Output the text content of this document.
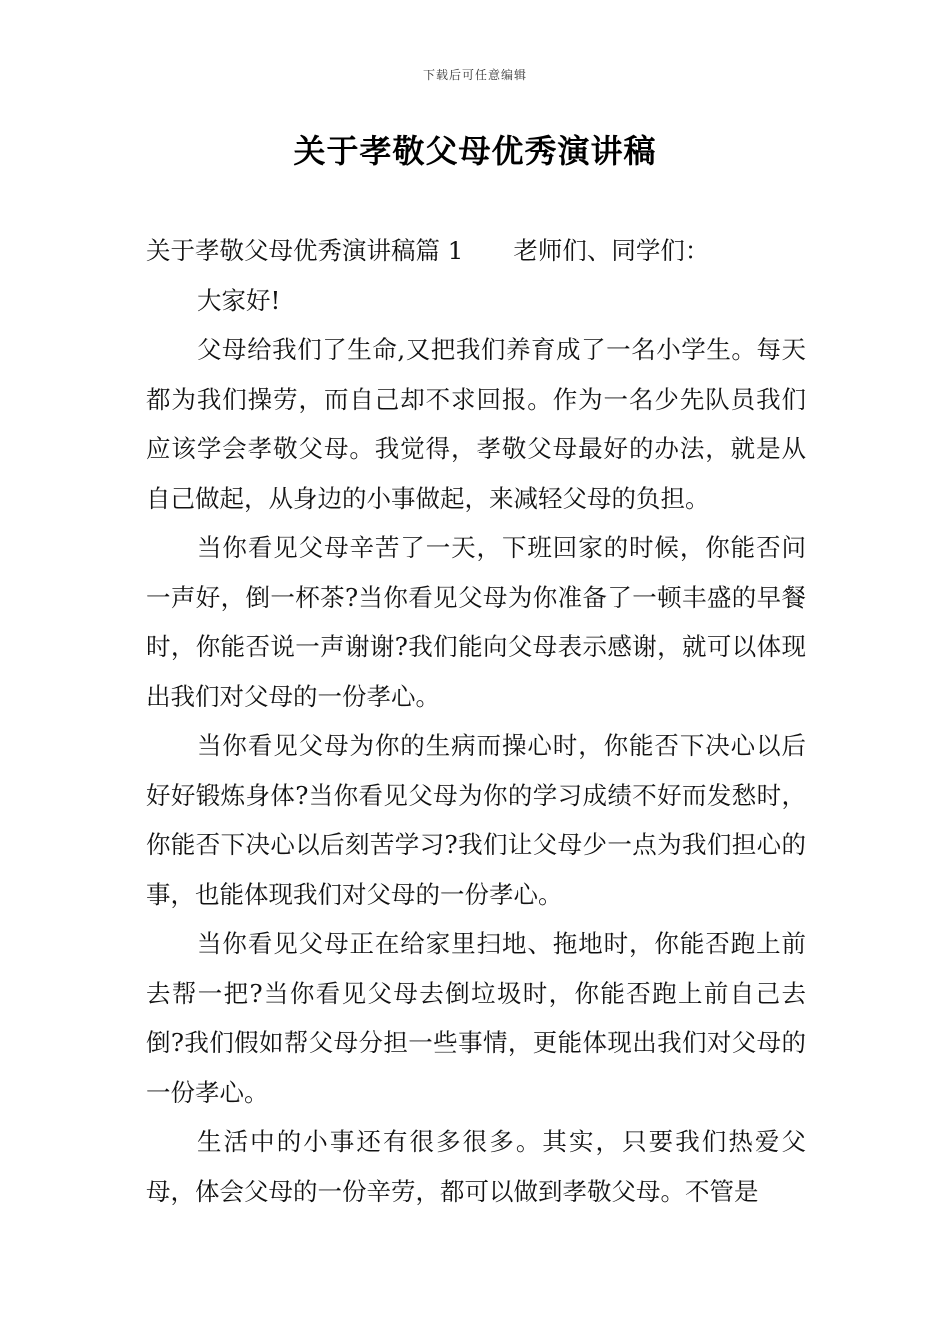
下载后可任意编辑
关于孝敬父母优秀演讲稿

关于孝敬父母优秀演讲稿篇 1 老师们、同学们：

大家好!

父母给我们了生命,又把我们养育成了一名小学生。每天都为我们操劳，而自己却不求回报。作为一名少先队员我们应该学会孝敬父母。我觉得，孝敬父母最好的办法，就是从自己做起，从身边的小事做起，来减轻父母的负担。

当你看见父母辛苦了一天，下班回家的时候，你能否问一声好，倒一杯茶?当你看见父母为你准备了一顿丰盛的早餐时，你能否说一声谢谢?我们能向父母表示感谢，就可以体现出我们对父母的一份孝心。

当你看见父母为你的生病而操心时，你能否下决心以后好好锻炼身体?当你看见父母为你的学习成绩不好而发愁时，你能否下决心以后刻苦学习?我们让父母少一点为我们担心的事，也能体现我们对父母的一份孝心。

当你看见父母正在给家里扫地、拖地时，你能否跑上前去帮一把?当你看见父母去倒垃圾时，你能否跑上前自己去倒?我们假如帮父母分担一些事情，更能体现出我们对父母的一份孝心。

生活中的小事还有很多很多。其实，只要我们热爱父母，体会父母的一份辛劳，都可以做到孝敬父母。不管是
